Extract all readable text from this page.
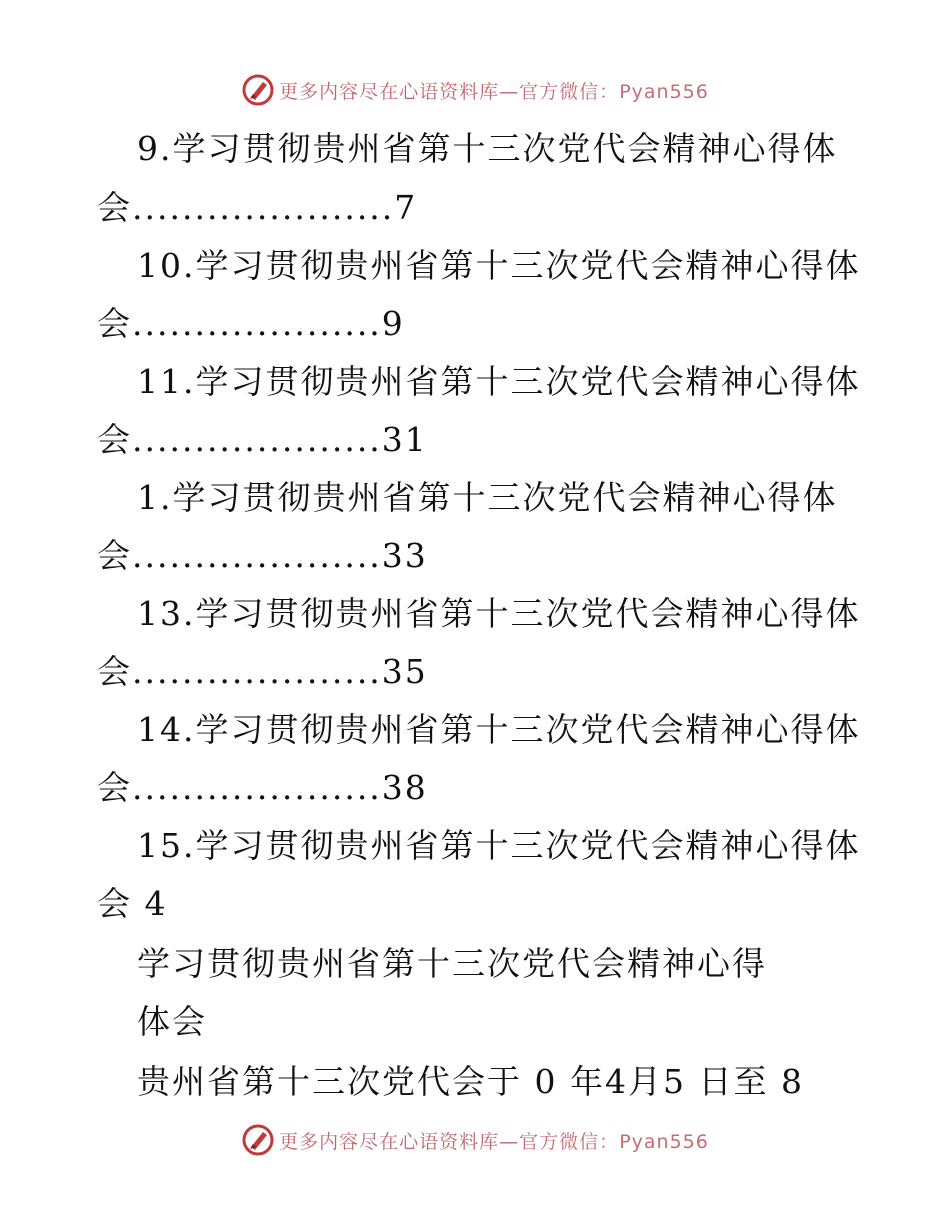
更多内容尽在心语资料库—官方微信：Pyan556
9.学习贯彻贵州省第十三次党代会精神心得体
会.....................7
10.学习贯彻贵州省第十三次党代会精神心得体
会....................9
11.学习贯彻贵州省第十三次党代会精神心得体
会....................31
1.学习贯彻贵州省第十三次党代会精神心得体
会....................33
13.学习贯彻贵州省第十三次党代会精神心得体
会....................35
14.学习贯彻贵州省第十三次党代会精神心得体
会....................38
15.学习贯彻贵州省第十三次党代会精神心得体
会 4
学习贯彻贵州省第十三次党代会精神心得
体会
贵州省第十三次党代会于 0 年4月5 日至 8
更多内容尽在心语资料库—官方微信：Pyan556
